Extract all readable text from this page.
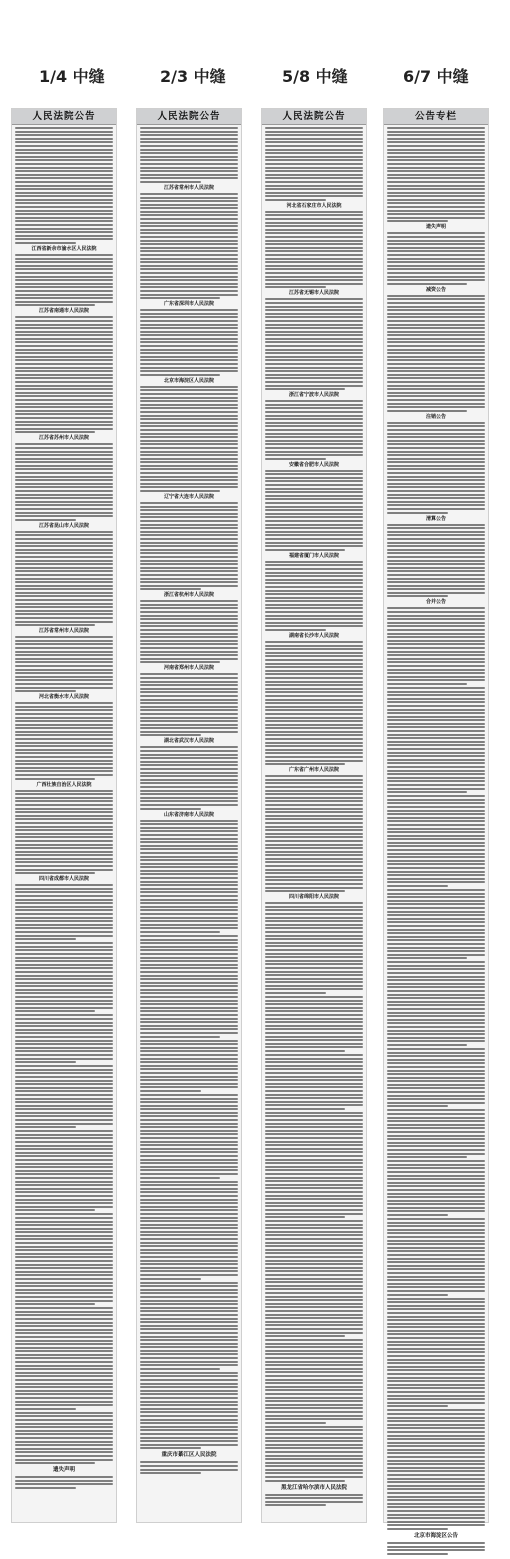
1/4 中缝	2/3 中缝	5/8 中缝	6/7 中缝
人民法院公告
江西省新余市渝水区人民法院
江苏省南通市人民法院
江苏省苏州市人民法院
江苏省昆山市人民法院
江苏省常州市人民法院
河北省衡水市人民法院
广西壮族自治区人民法院
四川省成都市人民法院
遗失声明
人民法院公告
江苏省常州市人民法院
广东省深圳市人民法院
北京市海淀区人民法院
辽宁省大连市人民法院
浙江省杭州市人民法院
河南省郑州市人民法院
湖北省武汉市人民法院
山东省济南市人民法院
重庆市綦江区人民法院
人民法院公告
河北省石家庄市人民法院
江苏省无锡市人民法院
浙江省宁波市人民法院
安徽省合肥市人民法院
福建省厦门市人民法院
湖南省长沙市人民法院
广东省广州市人民法院
四川省绵阳市人民法院
黑龙江省哈尔滨市人民法院
公告专栏
遗失声明
减资公告
注销公告
清算公告
合并公告
北京市海淀区公告
